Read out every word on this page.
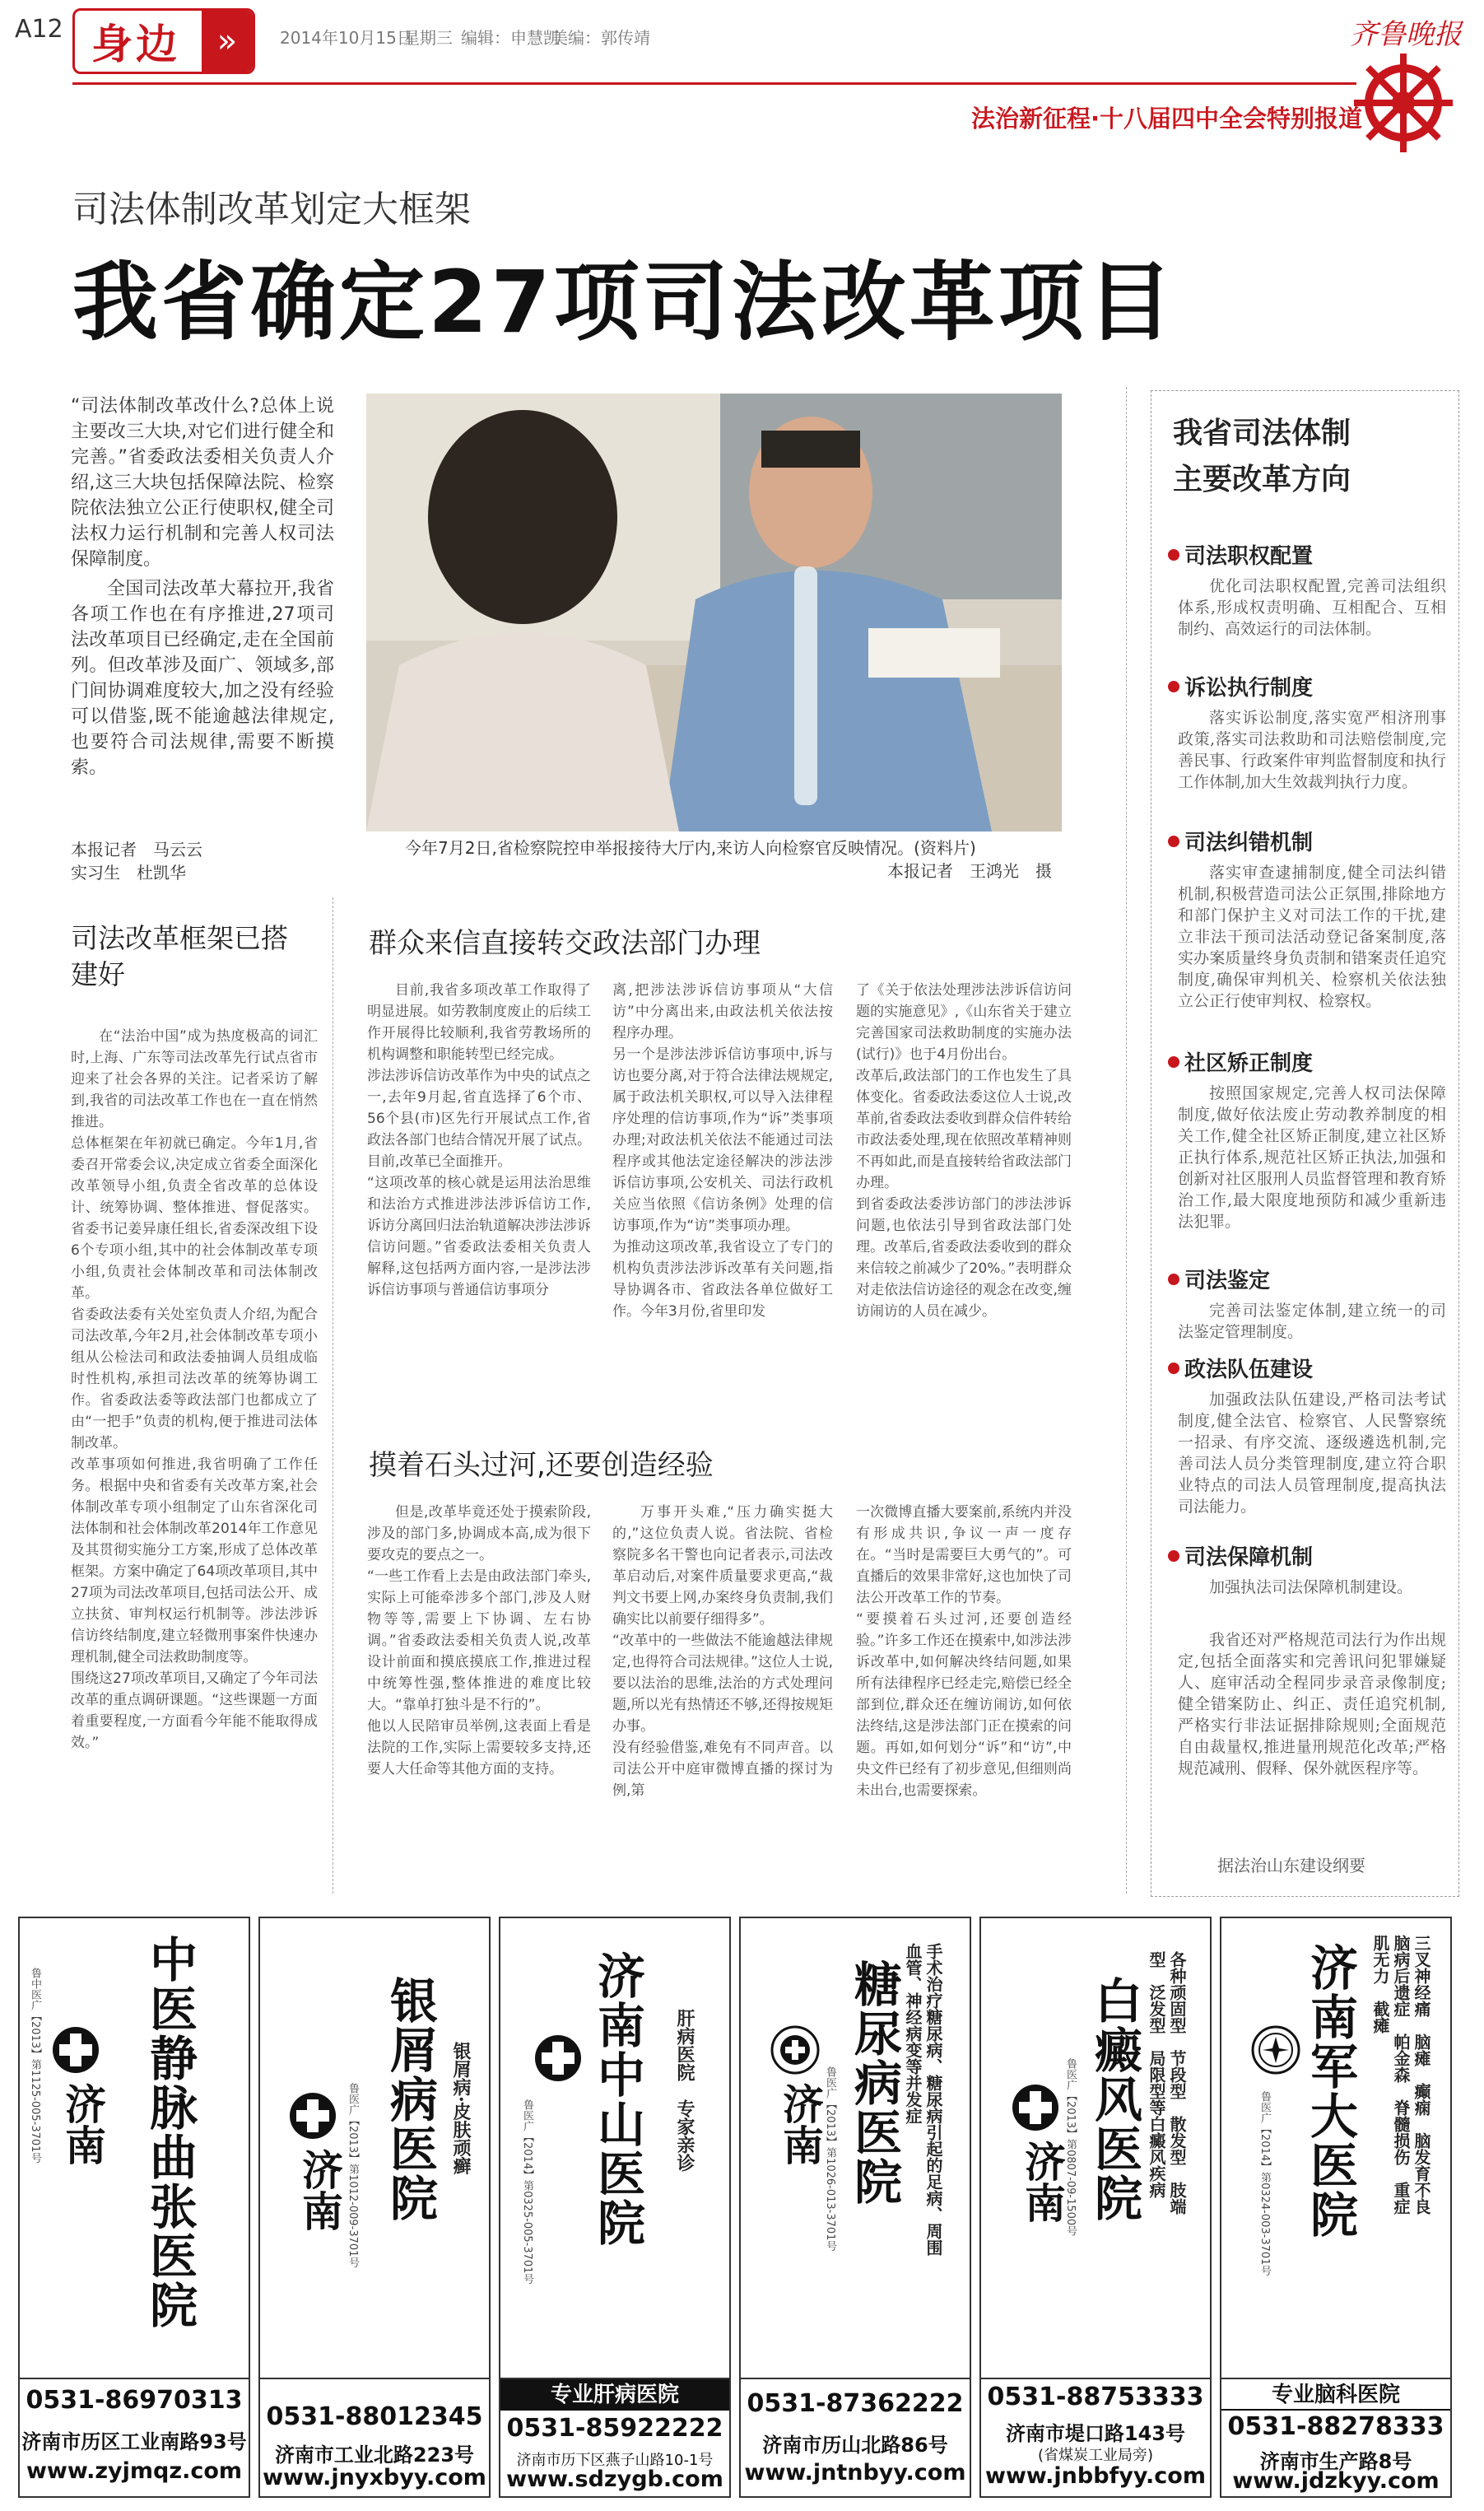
A12 身边	»	2014年10月15日
星期三 编辑：申慧凯
美编：郭传靖	齐鲁晚报
法治新征程·十八届四中全会特别报道
司法体制改革划定大框架
我省确定27项司法改革项目
“司法体制改革改什么?总体上说主要改三大块,对它们进行健全和完善。”省委政法委相关负责人介绍,这三大块包括保障法院、检察院依法独立公正行使职权,健全司法权力运行机制和完善人权司法保障制度。
全国司法改革大幕拉开,我省各项工作也在有序推进,27项司法改革项目已经确定,走在全国前列。但改革涉及面广、领域多,部门间协调难度较大,加之没有经验可以借鉴,既不能逾越法律规定,也要符合司法规律,需要不断摸索。
本报记者　马云云
实习生　杜凯华
今年7月2日,省检察院控申举报接待大厅内,来访人向检察官反映情况。(资料片)
本报记者　王鸿光　摄
司法改革框架已搭建好
在“法治中国”成为热度极高的词汇时,上海、广东等司法改革先行试点省市迎来了社会各界的关注。记者采访了解到,我省的司法改革工作也在一直在悄然推进。
总体框架在年初就已确定。今年1月,省委召开常委会议,决定成立省委全面深化改革领导小组,负责全省改革的总体设计、统筹协调、整体推进、督促落实。省委书记姜异康任组长,省委深改组下设6个专项小组,其中的社会体制改革专项小组,负责社会体制改革和司法体制改革。
省委政法委有关处室负责人介绍,为配合司法改革,今年2月,社会体制改革专项小组从公检法司和政法委抽调人员组成临时性机构,承担司法改革的统筹协调工作。省委政法委等政法部门也都成立了由“一把手”负责的机构,便于推进司法体制改革。
改革事项如何推进,我省明确了工作任务。根据中央和省委有关改革方案,社会体制改革专项小组制定了山东省深化司法体制和社会体制改革2014年工作意见及其贯彻实施分工方案,形成了总体改革框架。方案中确定了64项改革项目,其中27项为司法改革项目,包括司法公开、成立扶贫、审判权运行机制等。涉法涉诉信访终结制度,建立轻微刑事案件快速办理机制,健全司法救助制度等。
围绕这27项改革项目,又确定了今年司法改革的重点调研课题。“这些课题一方面着重要程度,一方面看今年能不能取得成效。”
群众来信直接转交政法部门办理
目前,我省多项改革工作取得了明显进展。如劳教制度废止的后续工作开展得比较顺利,我省劳教场所的机构调整和职能转型已经完成。
涉法涉诉信访改革作为中央的试点之一,去年9月起,省直选择了6个市、56个县(市)区先行开展试点工作,省政法各部门也结合情况开展了试点。目前,改革已全面推开。
“这项改革的核心就是运用法治思维和法治方式推进涉法涉诉信访工作,诉访分离回归法治轨道解决涉法涉诉信访问题。”省委政法委相关负责人解释,这包括两方面内容,一是涉法涉诉信访事项与普通信访事项分
离,把涉法涉诉信访事项从“大信访”中分离出来,由政法机关依法按程序办理。
另一个是涉法涉诉信访事项中,诉与访也要分离,对于符合法律法规规定,属于政法机关职权,可以导入法律程序处理的信访事项,作为“诉”类事项办理;对政法机关依法不能通过司法程序或其他法定途径解决的涉法涉诉信访事项,公安机关、司法行政机关应当依照《信访条例》处理的信访事项,作为“访”类事项办理。
为推动这项改革,我省设立了专门的机构负责涉法涉诉改革有关问题,指导协调各市、省政法各单位做好工作。今年3月份,省里印发
了《关于依法处理涉法涉诉信访问题的实施意见》,《山东省关于建立完善国家司法救助制度的实施办法(试行)》也于4月份出台。
改革后,政法部门的工作也发生了具体变化。省委政法委这位人士说,改革前,省委政法委收到群众信件转给市政法委处理,现在依照改革精神则不再如此,而是直接转给省政法部门办理。
到省委政法委涉访部门的涉法涉诉问题,也依法引导到省政法部门处理。改革后,省委政法委收到的群众来信较之前减少了20%。”表明群众对走依法信访途径的观念在改变,缠访闹访的人员在减少。
摸着石头过河,还要创造经验
但是,改革毕竟还处于摸索阶段,涉及的部门多,协调成本高,成为很下要攻克的要点之一。
“一些工作看上去是由政法部门牵头,实际上可能牵涉多个部门,涉及人财物等等,需要上下协调、左右协调。”省委政法委相关负责人说,改革设计前面和摸底摸底工作,推进过程中统筹性强,整体推进的难度比较大。“靠单打独斗是不行的”。
他以人民陪审员举例,这表面上看是法院的工作,实际上需要较多支持,还要人大任命等其他方面的支持。
万事开头难,“压力确实挺大的,”这位负责人说。省法院、省检察院多名干警也向记者表示,司法改革启动后,对案件质量要求更高,“裁判文书要上网,办案终身负责制,我们确实比以前要仔细得多”。
“改革中的一些做法不能逾越法律规定,也得符合司法规律。”这位人士说,要以法治的思维,法治的方式处理问题,所以光有热情还不够,还得按规矩办事。
没有经验借鉴,难免有不同声音。以司法公开中庭审微博直播的探讨为例,第
一次微博直播大要案前,系统内并没有形成共识,争议一声一度存在。“当时是需要巨大勇气的”。可直播后的效果非常好,这也加快了司法公开改革工作的节奏。
“要摸着石头过河,还要创造经验。”许多工作还在摸索中,如涉法涉诉改革中,如何解决终结问题,如果所有法律程序已经走完,赔偿已经全部到位,群众还在缠访闹访,如何依法终结,这是涉法部门正在摸索的问题。再如,如何划分“诉”和“访”,中央文件已经有了初步意见,但细则尚未出台,也需要探索。
我省司法体制
主要改革方向
司法职权配置
优化司法职权配置,完善司法组织体系,形成权责明确、互相配合、互相制约、高效运行的司法体制。
诉讼执行制度
落实诉讼制度,落实宽严相济刑事政策,落实司法救助和司法赔偿制度,完善民事、行政案件审判监督制度和执行工作体制,加大生效裁判执行力度。
司法纠错机制
落实审查逮捕制度,健全司法纠错机制,积极营造司法公正氛围,排除地方和部门保护主义对司法工作的干扰,建立非法干预司法活动登记备案制度,落实办案质量终身负责制和错案责任追究制度,确保审判机关、检察机关依法独立公正行使审判权、检察权。
社区矫正制度
按照国家规定,完善人权司法保障制度,做好依法废止劳动教养制度的相关工作,健全社区矫正制度,建立社区矫正执行体系,规范社区矫正执法,加强和创新对社区服刑人员监督管理和教育矫治工作,最大限度地预防和减少重新违法犯罪。
司法鉴定
完善司法鉴定体制,建立统一的司法鉴定管理制度。
政法队伍建设
加强政法队伍建设,严格司法考试制度,健全法官、检察官、人民警察统一招录、有序交流、逐级遴选机制,完善司法人员分类管理制度,建立符合职业特点的司法人员管理制度,提高执法司法能力。
司法保障机制
加强执法司法保障机制建设。
我省还对严格规范司法行为作出规定,包括全面落实和完善讯问犯罪嫌疑人、庭审活动全程同步录音录像制度;健全错案防止、纠正、责任追究机制,严格实行非法证据排除规则;全面规范自由裁量权,推进量刑规范化改革;严格规范减刑、假释、保外就医程序等。
据法治山东建设纲要
鲁中医广【2013】第1125-005-3701号 济南 中医静脉曲张医院
0531-86970313
济南市历区工业南路93号
www.zyjmqz.com
济南 鲁医广【2013】第1012-009-3701号 银屑病医院 银屑病·皮肤顽癣
0531-88012345
济南市工业北路223号
www.jnyxbyy.com
鲁医广【2014】第0325-005-3701号 济南中山医院 肝病医院　专家亲诊
专业肝病医院
0531-85922222
济南市历下区燕子山路10-1号
www.sdzygb.com
济南 鲁医广【2013】第1026-013-3701号 糖尿病医院	手术治疗糖尿病、糖尿病引起的足病、周围血管、神经病变等并发症
0531-87362222
济南市历山北路86号
www.jntnbyy.com
济南
鲁医广【2013】第0807-09-1500号 白癜风医院	各种顽固型　节段型　散发型　肢端型　泛发型　局限型等白癜风疾病
0531-88753333
济南市堤口路143号
(省煤炭工业局旁)
www.jnbbfyy.com
鲁医广【2014】第0324-003-3701号 济南军大医院	三叉神经痛　脑瘫　癫痫　脑发育不良　脑病后遗症　帕金森　脊髓损伤　重症肌无力　截瘫
专业脑科医院
0531-88278333
济南市生产路8号
www.jdzkyy.com
